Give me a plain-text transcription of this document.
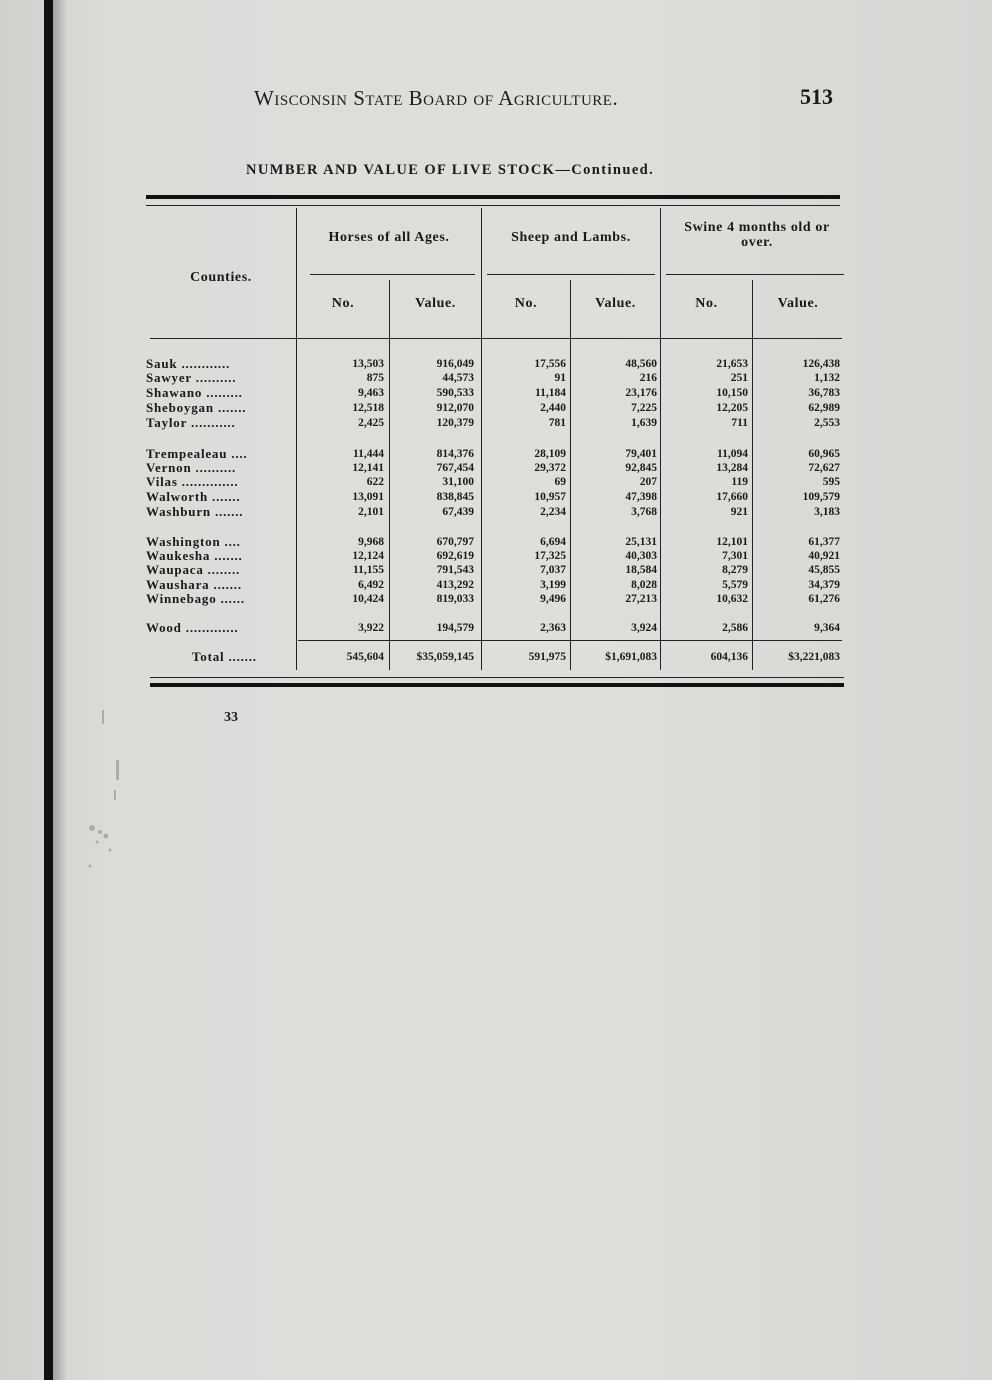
Wisconsin State Board of Agriculture.	513
NUMBER AND VALUE OF LIVE STOCK—Continued.
Counties.
Horses of all Ages.	Sheep and Lambs.
Swine 4 months old or over.
No.	Value.	No.	Value.	No.	Value.
Sauk ............	13,503	916,049	17,556	48,560	21,653	126,438
Sawyer ..........	875	44,573	91	216	251	1,132
Shawano .........	9,463	590,533	11,184	23,176	10,150	36,783
Sheboygan .......	12,518	912,070	2,440	7,225	12,205	62,989
Taylor ...........	2,425	120,379	781	1,639	711	2,553
Trempealeau ....	11,444	814,376	28,109	79,401	11,094	60,965
Vernon ..........	12,141	767,454	29,372	92,845	13,284	72,627
Vilas ..............	622	31,100	69	207	119	595
Walworth .......	13,091	838,845	10,957	47,398	17,660	109,579
Washburn .......	2,101	67,439	2,234	3,768	921	3,183
Washington ....	9,968	670,797	6,694	25,131	12,101	61,377
Waukesha .......	12,124	692,619	17,325	40,303	7,301	40,921
Waupaca ........	11,155	791,543	7,037	18,584	8,279	45,855
Waushara .......	6,492	413,292	3,199	8,028	5,579	34,379
Winnebago ......	10,424	819,033	9,496	27,213	10,632	61,276
Wood .............	3,922	194,579	2,363	3,924	2,586	9,364
Total .......	545,604	$35,059,145	591,975	$1,691,083	604,136	$3,221,083
33
